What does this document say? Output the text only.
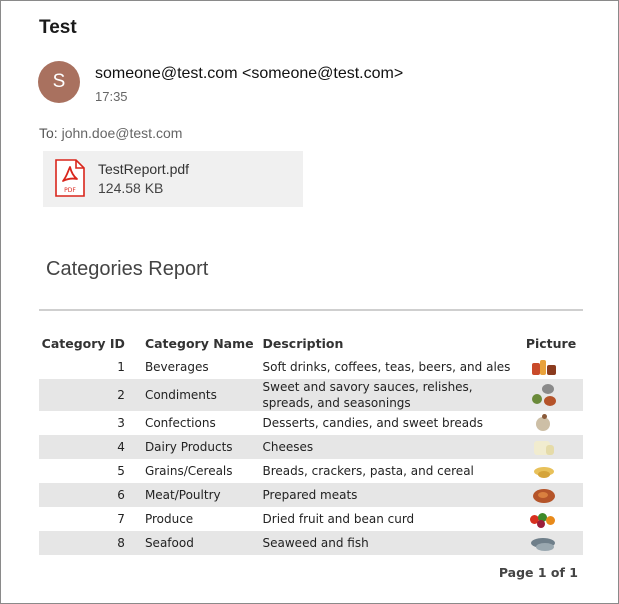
Test
S	someone@test.com <someone@test.com>
17:35
To: john.doe@test.com
PDF
TestReport.pdf
124.58 KB
Categories Report
Category ID	Category Name	Description	Picture
1	Beverages	Soft drinks, coffees, teas, beers, and ales	

2	Condiments	Sweet and savory sauces, relishes, spreads, and seasonings	

3	Confections	Desserts, candies, and sweet breads	

4	Dairy Products	Cheeses	

5	Grains/Cereals	Breads, crackers, pasta, and cereal	

6	Meat/Poultry	Prepared meats	

7	Produce	Dried fruit and bean curd	

8	Seafood	Seaweed and fish	
Page 1 of 1
